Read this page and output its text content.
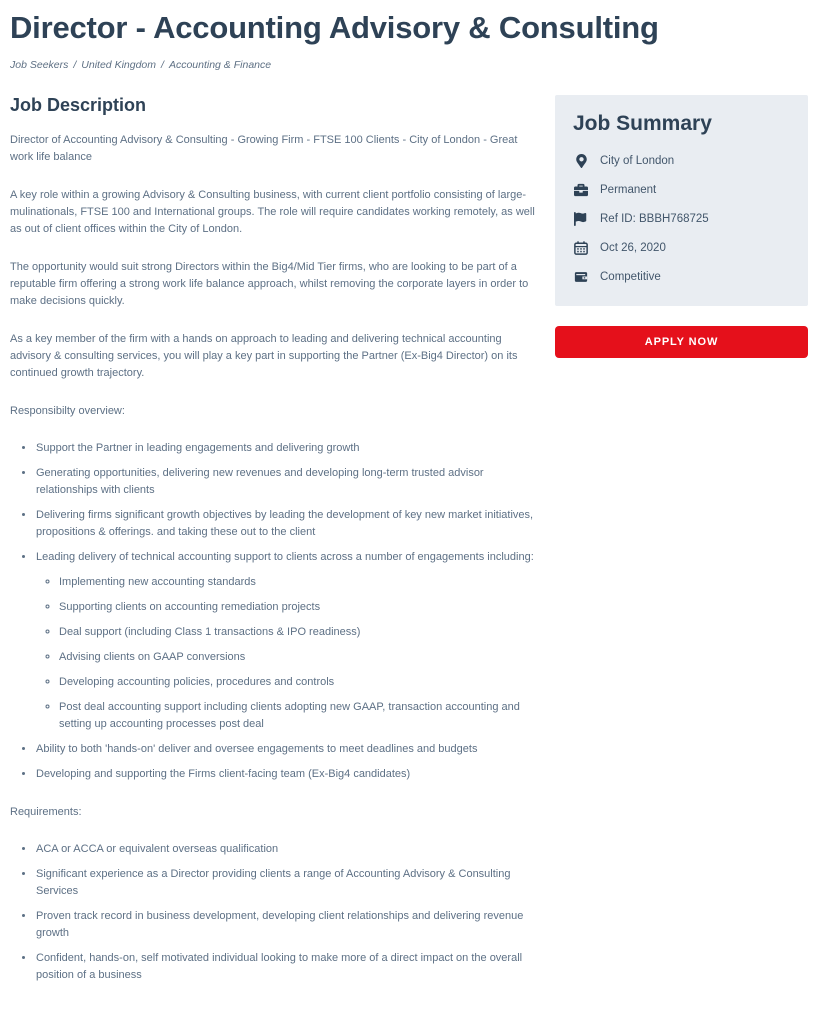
Director - Accounting Advisory & Consulting
Job Seekers / United Kingdom / Accounting & Finance
Job Description

Director of Accounting Advisory & Consulting - Growing Firm - FTSE 100 Clients - City of London - Great work life balance

A key role within a growing Advisory & Consulting business, with current client portfolio consisting of large-mulinationals, FTSE 100 and International groups. The role will require candidates working remotely, as well as out of client offices within the City of London.

The opportunity would suit strong Directors within the Big4/Mid Tier firms, who are looking to be part of a reputable firm offering a strong work life balance approach, whilst removing the corporate layers in order to make decisions quickly.

As a key member of the firm with a hands on approach to leading and delivering technical accounting advisory & consulting services, you will play a key part in supporting the Partner (Ex-Big4 Director) on its continued growth trajectory.

Responsibilty overview:

• Support the Partner in leading engagements and delivering growth
• Generating opportunities, delivering new revenues and developing long-term trusted advisor relationships with clients
• Delivering firms significant growth objectives by leading the development of key new market initiatives, propositions & offerings. and taking these out to the client
• Leading delivery of technical accounting support to clients across a number of engagements including:
◦ Implementing new accounting standards
◦ Supporting clients on accounting remediation projects
◦ Deal support (including Class 1 transactions & IPO readiness)
◦ Advising clients on GAAP conversions
◦ Developing accounting policies, procedures and controls
◦ Post deal accounting support including clients adopting new GAAP, transaction accounting and setting up accounting processes post deal
• Ability to both 'hands-on' deliver and oversee engagements to meet deadlines and budgets
• Developing and supporting the Firms client-facing team (Ex-Big4 candidates)

Requirements:

• ACA or ACCA or equivalent overseas qualification
• Significant experience as a Director providing clients a range of Accounting Advisory & Consulting Services
• Proven track record in business development, developing client relationships and delivering revenue growth
• Confident, hands-on, self motivated individual looking to make more of a direct impact on the overall position of a business
Job Summary
City of London
Permanent
Ref ID: BBBH768725
Oct 26, 2020
Competitive
APPLY NOW
